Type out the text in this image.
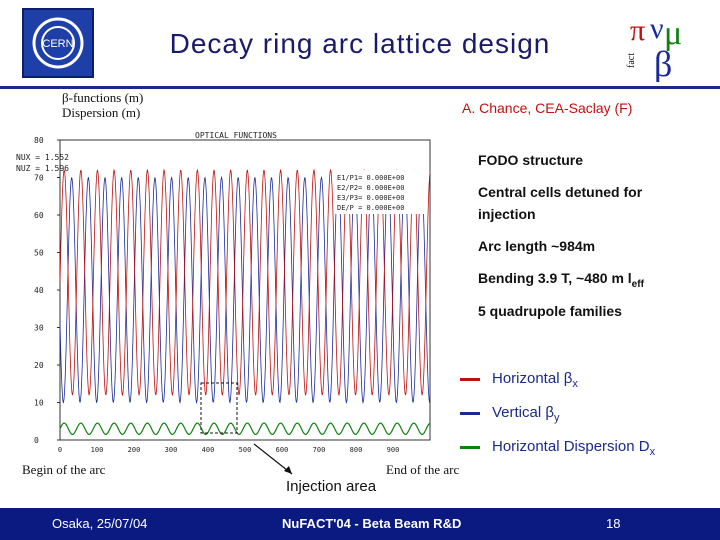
CERN	Decay ring arc lattice design	π ν μ
β
fact
β-functions (m)
Dispersion (m)	A. Chance, CEA-Saclay (F)
OPTICAL FUNCTIONS
80
70
60
50
40
30
20
10
0
0	100	200	300	400	500	600	700	800	900
NUX = 1.552
NUZ = 1.596
E1/P1= 0.000E+00
E2/P2= 0.000E+00
E3/P3= 0.000E+00
DE/P = 0.000E+00
Begin of the arc	End of the arc
Injection area
FODO structure
Central cells detuned for
injection
Arc length ~984m
Bending 3.9 T, ~480 m $l_{eff}$
5 quadrupole families
Horizontal $\beta_x$
Vertical $\beta_y$
Horizontal Dispersion $D_x$
Osaka, 25/07/04	NuFACT'04 - Beta Beam R&D	18
